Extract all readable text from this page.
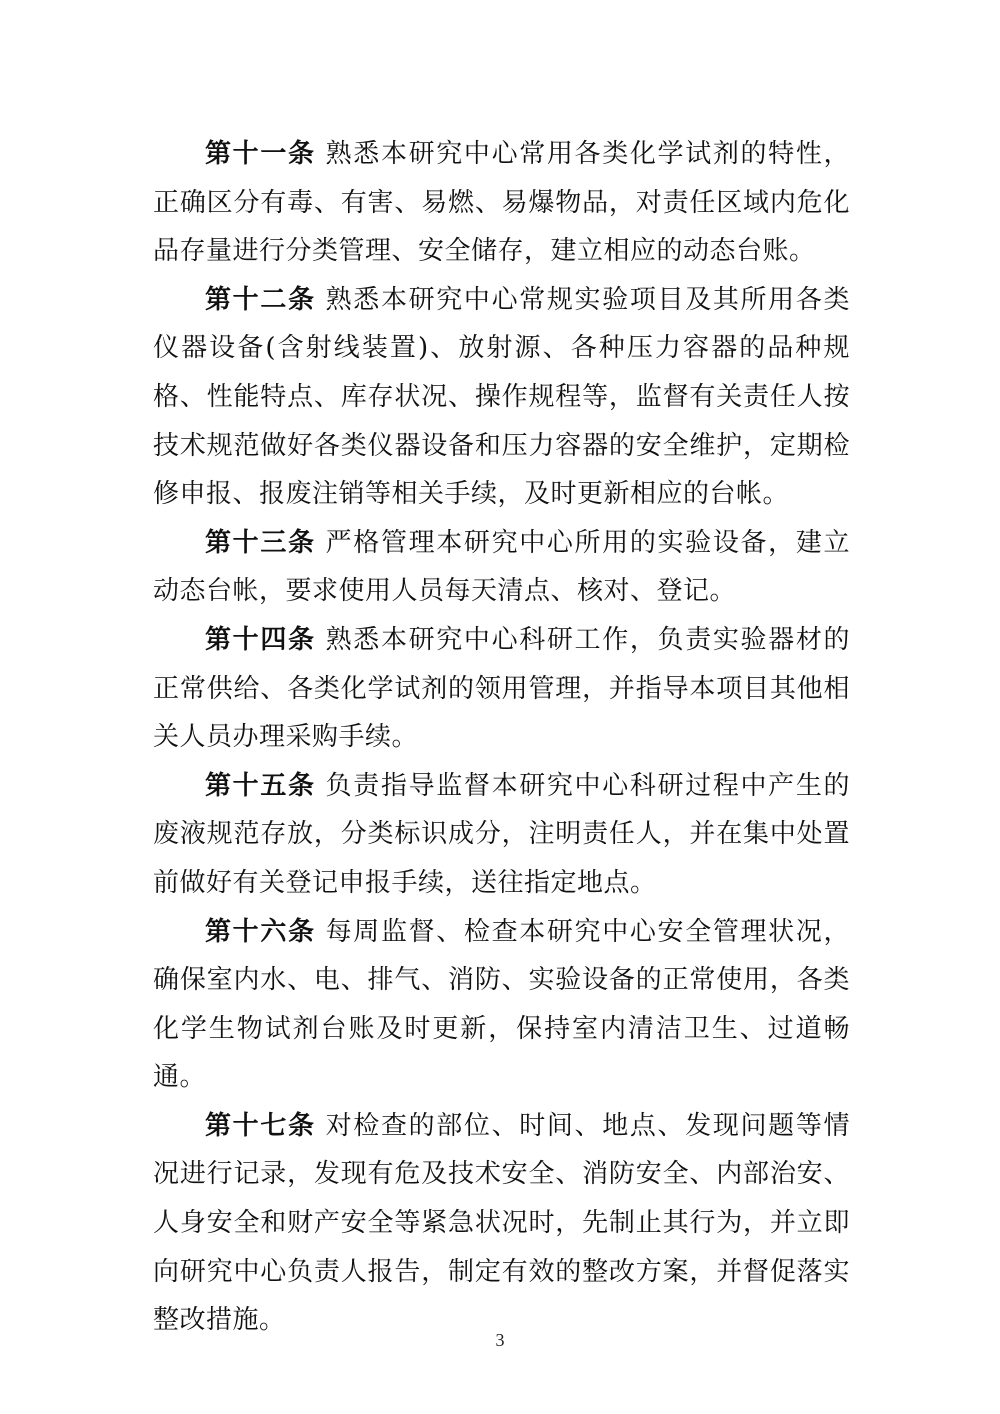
第十一条 熟悉本研究中心常用各类化学试剂的特性，正确区分有毒、有害、易燃、易爆物品，对责任区域内危化品存量进行分类管理、安全储存，建立相应的动态台账。

第十二条 熟悉本研究中心常规实验项目及其所用各类仪器设备(含射线装置)、放射源、各种压力容器的品种规格、性能特点、库存状况、操作规程等，监督有关责任人按技术规范做好各类仪器设备和压力容器的安全维护，定期检修申报、报废注销等相关手续，及时更新相应的台帐。

第十三条 严格管理本研究中心所用的实验设备，建立动态台帐，要求使用人员每天清点、核对、登记。

第十四条 熟悉本研究中心科研工作，负责实验器材的正常供给、各类化学试剂的领用管理，并指导本项目其他相关人员办理采购手续。

第十五条 负责指导监督本研究中心科研过程中产生的废液规范存放，分类标识成分，注明责任人，并在集中处置前做好有关登记申报手续，送往指定地点。

第十六条 每周监督、检查本研究中心安全管理状况，确保室内水、电、排气、消防、实验设备的正常使用，各类化学生物试剂台账及时更新，保持室内清洁卫生、过道畅通。

第十七条 对检查的部位、时间、地点、发现问题等情况进行记录，发现有危及技术安全、消防安全、内部治安、人身安全和财产安全等紧急状况时，先制止其行为，并立即向研究中心负责人报告，制定有效的整改方案，并督促落实整改措施。

3
